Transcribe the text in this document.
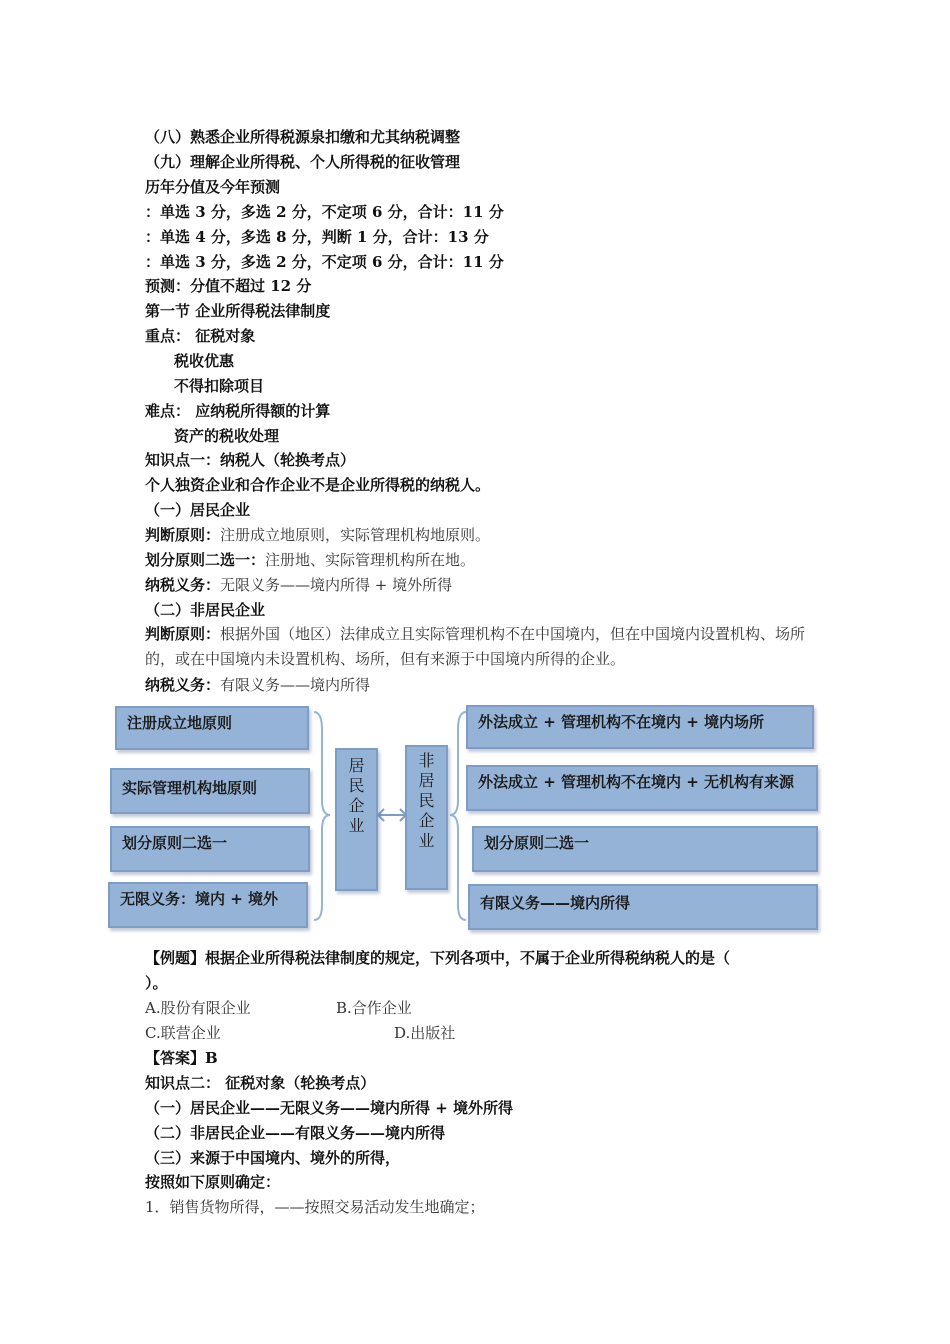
（八）熟悉企业所得税源泉扣缴和尤其纳税调整
（九）理解企业所得税、个人所得税的征收管理
历年分值及今年预测
：单选 3 分，多选 2 分，不定项 6 分，合计：11 分
：单选 4 分，多选 8 分，判断 1 分，合计：13 分
：单选 3 分，多选 2 分，不定项 6 分，合计：11 分
预测：分值不超过 12 分
第一节 企业所得税法律制度
重点： 征税对象
税收优惠
不得扣除项目
难点： 应纳税所得额的计算
资产的税收处理
知识点一：纳税人（轮换考点）
个人独资企业和合作企业不是企业所得税的纳税人。
（一）居民企业
判断原则：注册成立地原则，实际管理机构地原则。
划分原则二选一：注册地、实际管理机构所在地。
纳税义务：无限义务——境内所得 + 境外所得
（二）非居民企业
判断原则：根据外国（地区）法律成立且实际管理机构不在中国境内，但在中国境内设置机构、场所的，或在中国境内未设置机构、场所，但有来源于中国境内所得的企业。
纳税义务：有限义务——境内所得
注册成立地原则
实际管理机构地原则
划分原则二选一
无限义务：境内 + 境外
居
民
企
业
非
居
民
企
业
外法成立 + 管理机构不在境内 + 境内场所
外法成立 + 管理机构不在境内 + 无机构有来源
划分原则二选一
有限义务——境内所得
【例题】根据企业所得税法律制度的规定，下列各项中，不属于企业所得税纳税人的是（
）。
A.股份有限企业	B.合作企业
C.联营企业	D.出版社
【答案】B
知识点二： 征税对象（轮换考点）
（一）居民企业——无限义务——境内所得 + 境外所得
（二）非居民企业——有限义务——境内所得
（三）来源于中国境内、境外的所得，
按照如下原则确定：
1．销售货物所得，——按照交易活动发生地确定；
